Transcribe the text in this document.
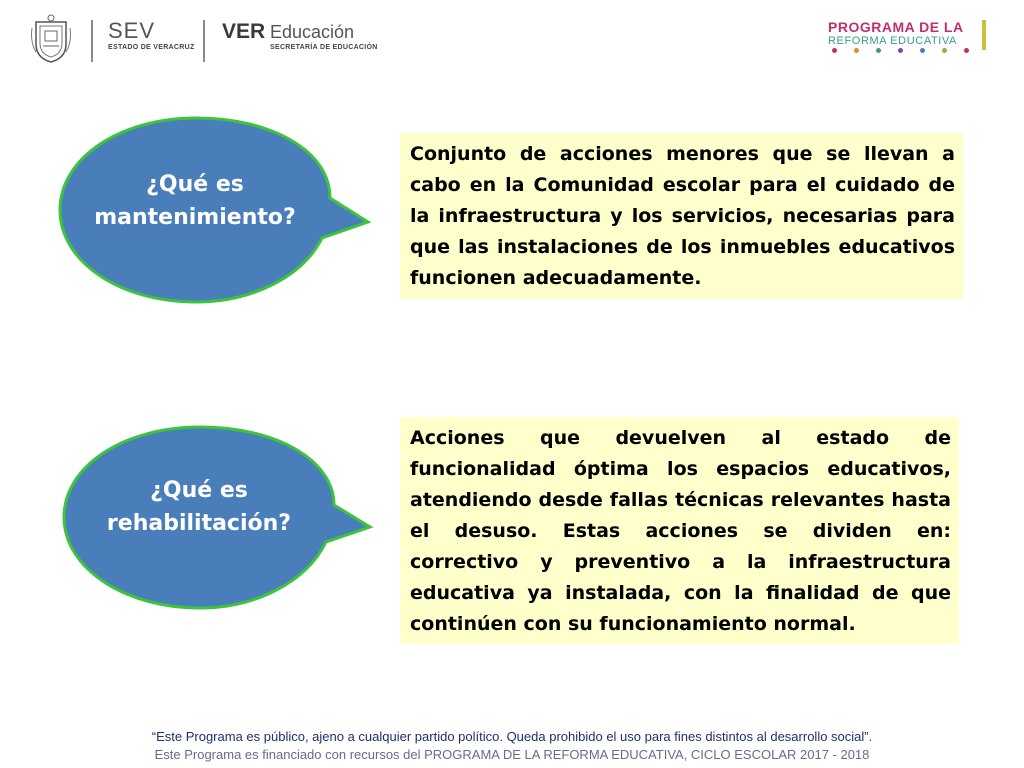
SEV
ESTADO DE VERACRUZ
VER Educación
SECRETARÍA DE EDUCACIÓN
PROGRAMA DE LA
REFORMA EDUCATIVA
¿Qué es mantenimiento?
¿Qué es rehabilitación?
Conjunto de acciones menores que se llevan a cabo en la Comunidad escolar para el cuidado de la infraestructura y los servicios, necesarias para que las instalaciones de los inmuebles educativos funcionen adecuadamente.
Acciones que devuelven al estado de funcionalidad óptima los espacios educativos, atendiendo desde fallas técnicas relevantes hasta el desuso. Estas acciones se dividen en: correctivo y preventivo a la infraestructura educativa ya instalada, con la finalidad de que continúen con su funcionamiento normal.
“Este Programa es público, ajeno a cualquier partido político. Queda prohibido el uso para fines distintos al desarrollo social”.
Este Programa es financiado con recursos del PROGRAMA DE LA REFORMA EDUCATIVA, CICLO ESCOLAR 2017 - 2018
